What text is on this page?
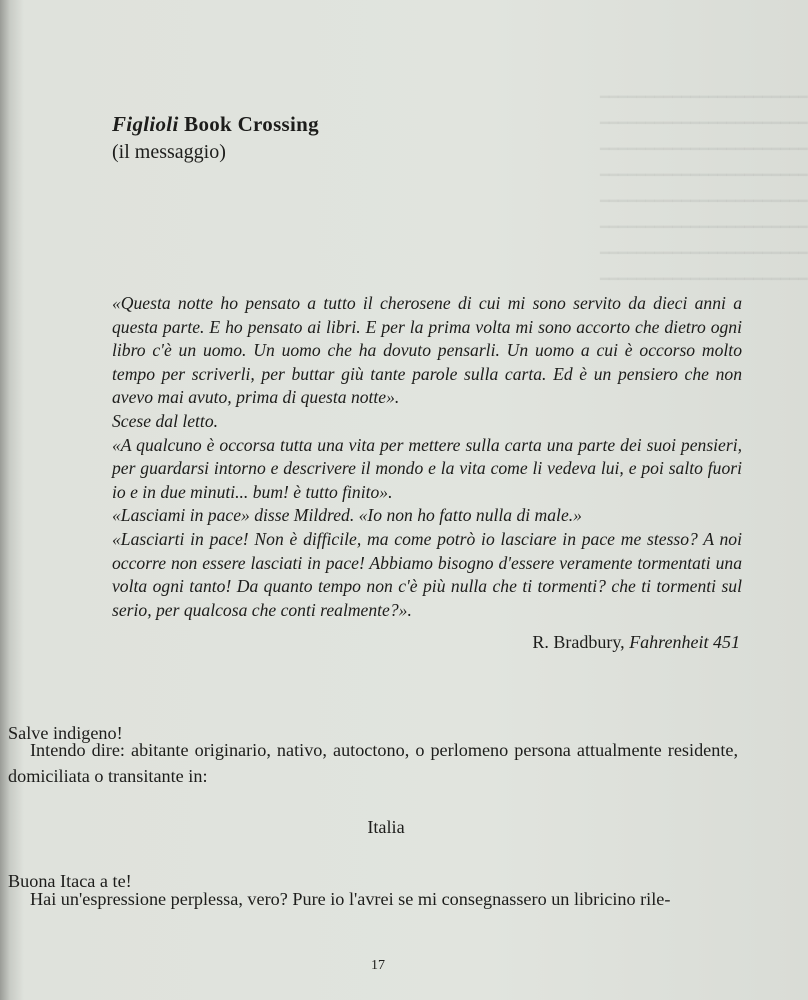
━━━━━━━━━━━━━━━━━━━━━━━
━━━━━━━━━━━━━━━━━━━━━━━
━━━━━━━━━━━━━━━━━━━━━━━
━━━━━━━━━━━━━━━━━━━━━━━
━━━━━━━━━━━━━━━━━━━━━━━
━━━━━━━━━━━━━━━━━━━━━━━
━━━━━━━━━━━━━━━━━━━━━━━
━━━━━━━━━━━━━━━━━━━━━━━
Figlioli Book Crossing
(il messaggio)

«Questa notte ho pensato a tutto il cherosene di cui mi sono servito da dieci anni a questa parte. E ho pensato ai libri. E per la prima volta mi sono accorto che dietro ogni libro c'è un uomo. Un uomo che ha dovuto pensarli. Un uomo a cui è occorso molto tempo per scriverli, per buttar giù tante parole sulla carta. Ed è un pensiero che non avevo mai avuto, prima di questa notte».

Scese dal letto.

«A qualcuno è occorsa tutta una vita per mettere sulla carta una parte dei suoi pensieri, per guardarsi intorno e descrivere il mondo e la vita come li vedeva lui, e poi salto fuori io e in due minuti... bum! è tutto finito».

«Lasciami in pace» disse Mildred. «Io non ho fatto nulla di male.»

«Lasciarti in pace! Non è difficile, ma come potrò io lasciare in pace me stesso? A noi occorre non essere lasciati in pace! Abbiamo bisogno d'essere veramente tormentati una volta ogni tanto! Da quanto tempo non c'è più nulla che ti tormenti? che ti tormenti sul serio, per qualcosa che conti realmente?».

R. Bradbury, Fahrenheit 451
Salve indigeno!
Intendo dire: abitante originario, nativo, autoctono, o perlomeno persona attualmente residente, domiciliata o transitante in:
Italia
Buona Itaca a te!
Hai un'espressione perplessa, vero? Pure io l'avrei se mi consegnassero un libricino rile-
17
